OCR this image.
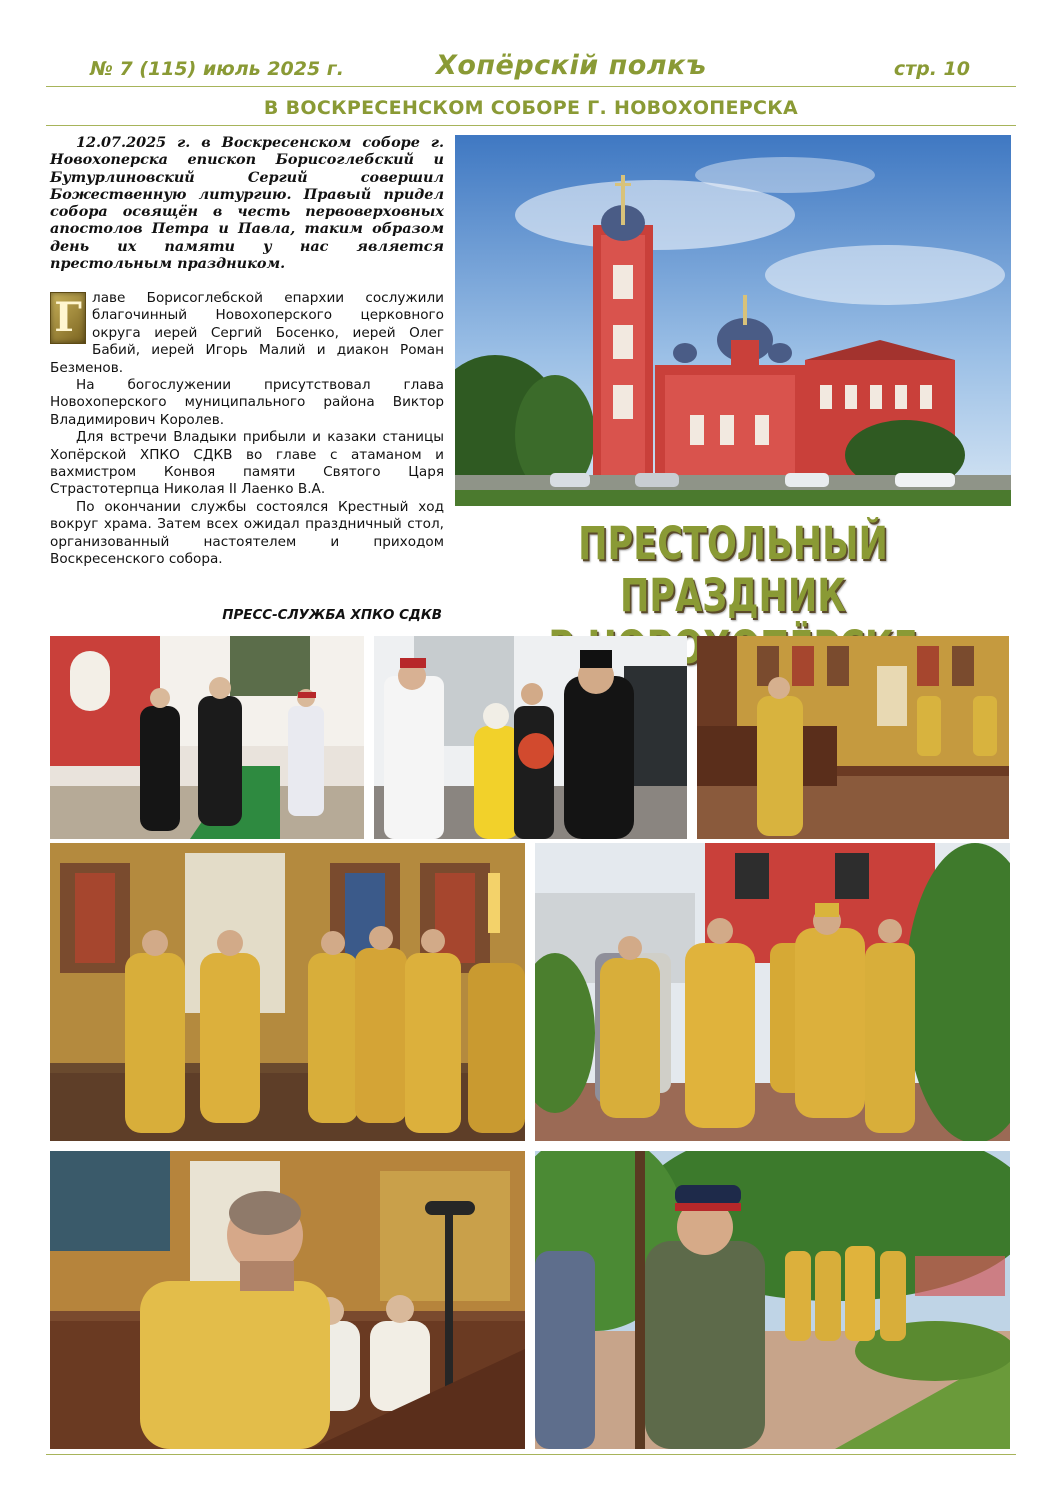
№ 7 (115) июль 2025 г.	Хопёрскій полкъ	стр. 10
В ВОСКРЕСЕНСКОМ СОБОРЕ Г. НОВОХОПЕРСКА

12.07.2025 г. в Воскресенском соборе г. Новохоперска епископ Борисоглебский и Бутурлиновский Сергий совершил Божественную литургию. Правый придел собора освящён в честь первоверховных апостолов Петра и Павла, таким образом день их памяти у нас является престольным праздником.

Г лаве Борисоглебской епархии сослужили благочинный Новохоперского церковного округа иерей Сергий Босенко, иерей Олег Бабий, иерей Игорь Малий и диакон Роман Безменов.

На богослужении присутствовал глава Новохоперского муниципального района Виктор Владимирович Королев.

Для встречи Владыки прибыли и казаки станицы Хопёрской ХПКО СДКВ во главе с атаманом и вахмистром Конвоя памяти Святого Царя Страстотерпца Николая II Лаенко В.А.

По окончании службы состоялся Крестный ход вокруг храма. Затем всех ожидал праздничный стол, организованный настоятелем и приходом Воскресенского собора.

ПРЕСС-СЛУЖБА ХПКО СДКВ
ПРЕСТОЛЬНЫЙ ПРАЗДНИК
